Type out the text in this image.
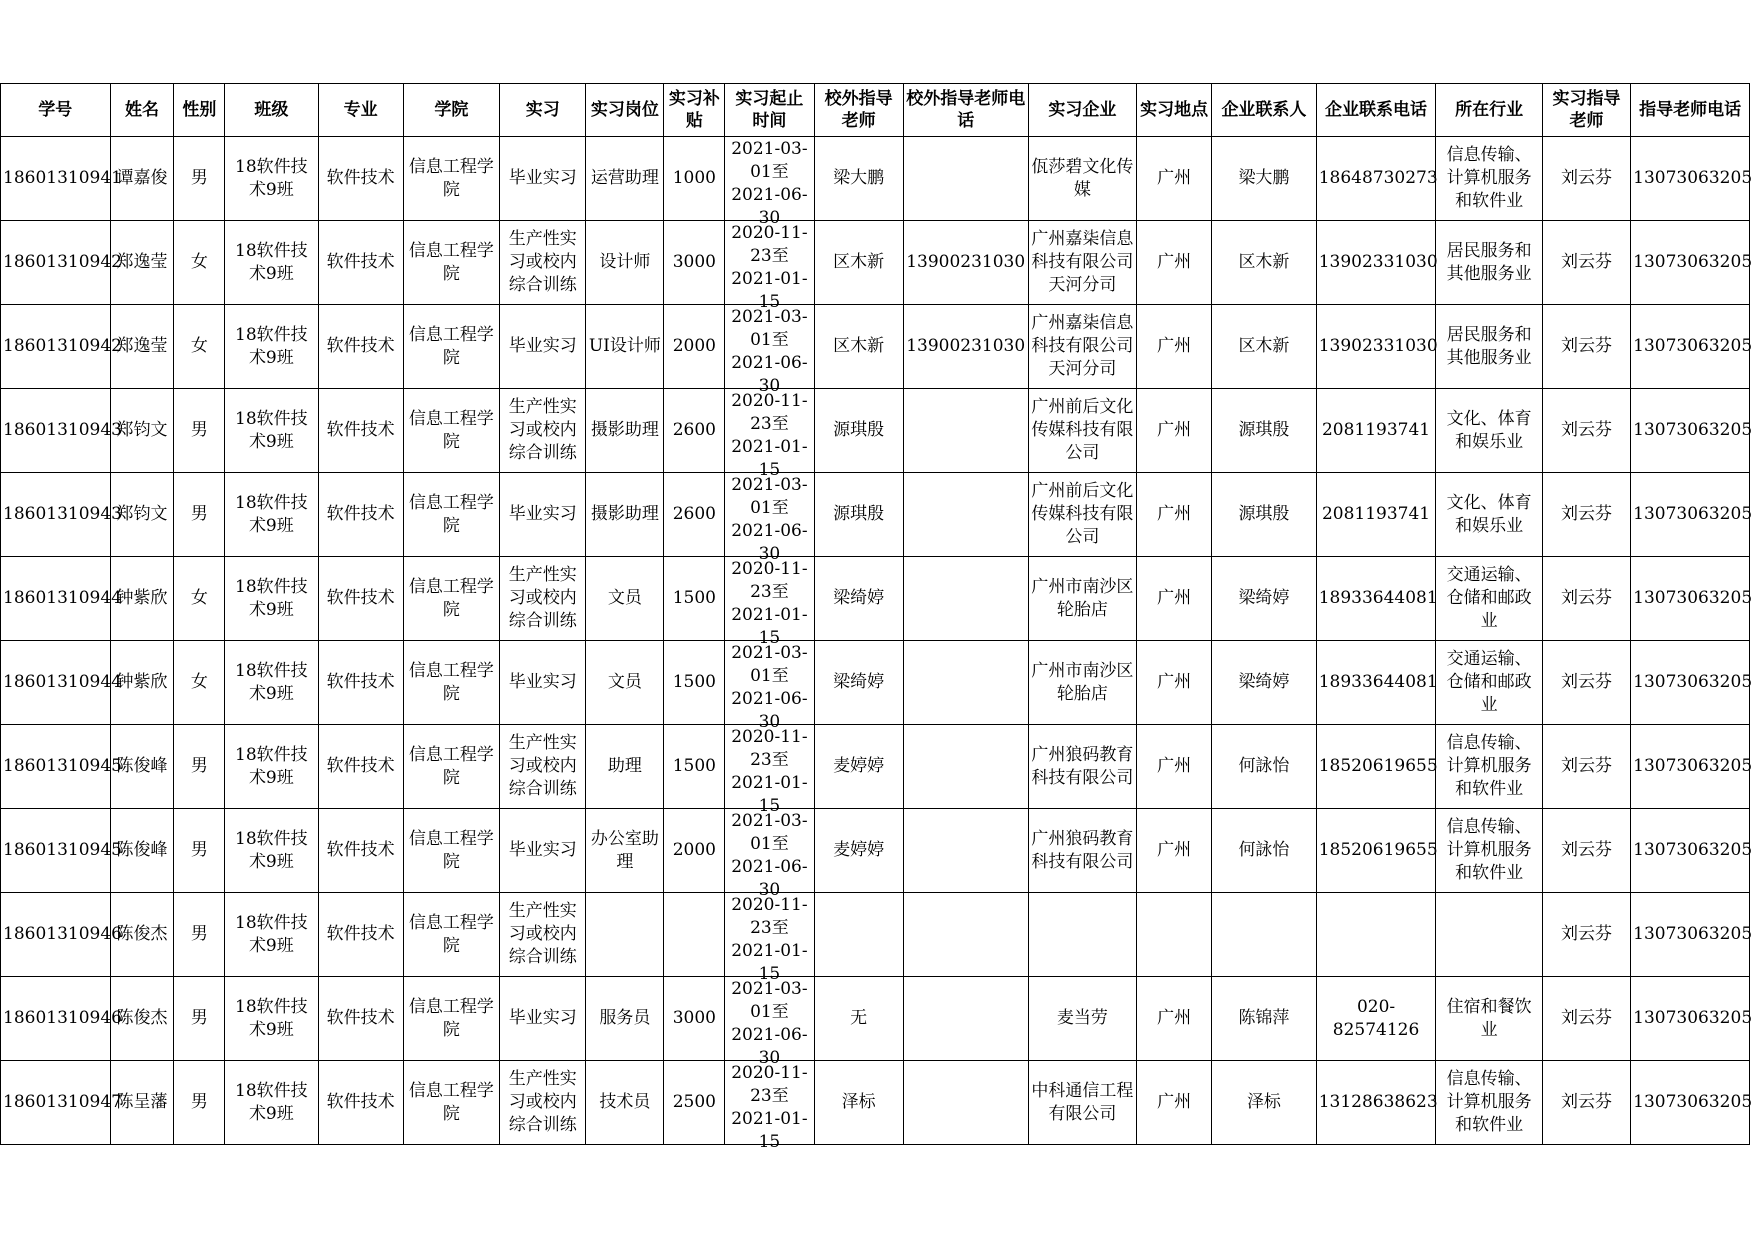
学号	姓名	性别	班级	专业	学院	实习	实习岗位	实习补贴	实习起止时间	校外指导老师	校外指导老师电话	实习企业	实习地点	企业联系人	企业联系电话	所在行业	实习指导老师	指导老师电话

18601310941	谭嘉俊	男	18软件技术9班	软件技术	信息工程学院	毕业实习	运营助理	1000	2021-03-01至2021-06-30	梁大鹏		佤莎碧文化传媒	广州	梁大鹏	18648730273	信息传输、计算机服务和软件业	刘云芬	13073063205

18601310942	郑逸莹	女	18软件技术9班	软件技术	信息工程学院	生产性实习或校内综合训练	设计师	3000	2020-11-23至2021-01-15	区木新	13900231030	广州嘉柒信息科技有限公司天河分司	广州	区木新	13902331030	居民服务和其他服务业	刘云芬	13073063205

18601310942	郑逸莹	女	18软件技术9班	软件技术	信息工程学院	毕业实习	UI设计师	2000	2021-03-01至2021-06-30	区木新	13900231030	广州嘉柒信息科技有限公司天河分司	广州	区木新	13902331030	居民服务和其他服务业	刘云芬	13073063205

18601310943	郑钧文	男	18软件技术9班	软件技术	信息工程学院	生产性实习或校内综合训练	摄影助理	2600	2020-11-23至2021-01-15	源琪殷		广州前后文化传媒科技有限公司	广州	源琪殷	2081193741	文化、体育和娱乐业	刘云芬	13073063205

18601310943	郑钧文	男	18软件技术9班	软件技术	信息工程学院	毕业实习	摄影助理	2600	2021-03-01至2021-06-30	源琪殷		广州前后文化传媒科技有限公司	广州	源琪殷	2081193741	文化、体育和娱乐业	刘云芬	13073063205

18601310944	钟紫欣	女	18软件技术9班	软件技术	信息工程学院	生产性实习或校内综合训练	文员	1500	2020-11-23至2021-01-15	梁绮婷		广州市南沙区轮胎店	广州	梁绮婷	18933644081	交通运输、仓储和邮政业	刘云芬	13073063205

18601310944	钟紫欣	女	18软件技术9班	软件技术	信息工程学院	毕业实习	文员	1500	2021-03-01至2021-06-30	梁绮婷		广州市南沙区轮胎店	广州	梁绮婷	18933644081	交通运输、仓储和邮政业	刘云芬	13073063205

18601310945	陈俊峰	男	18软件技术9班	软件技术	信息工程学院	生产性实习或校内综合训练	助理	1500	2020-11-23至2021-01-15	麦婷婷		广州狼码教育科技有限公司	广州	何詠怡	18520619655	信息传输、计算机服务和软件业	刘云芬	13073063205

18601310945	陈俊峰	男	18软件技术9班	软件技术	信息工程学院	毕业实习	办公室助理	2000	2021-03-01至2021-06-30	麦婷婷		广州狼码教育科技有限公司	广州	何詠怡	18520619655	信息传输、计算机服务和软件业	刘云芬	13073063205

18601310946	陈俊杰	男	18软件技术9班	软件技术	信息工程学院	生产性实习或校内综合训练			2020-11-23至2021-01-15								刘云芬	13073063205

18601310946	陈俊杰	男	18软件技术9班	软件技术	信息工程学院	毕业实习	服务员	3000	2021-03-01至2021-06-30	无		麦当劳	广州	陈锦萍	020-82574126	住宿和餐饮业	刘云芬	13073063205

18601310947	陈呈藩	男	18软件技术9班	软件技术	信息工程学院	生产性实习或校内综合训练	技术员	2500	2020-11-23至2021-01-15	泽标		中科通信工程有限公司	广州	泽标	13128638623	信息传输、计算机服务和软件业	刘云芬	13073063205
